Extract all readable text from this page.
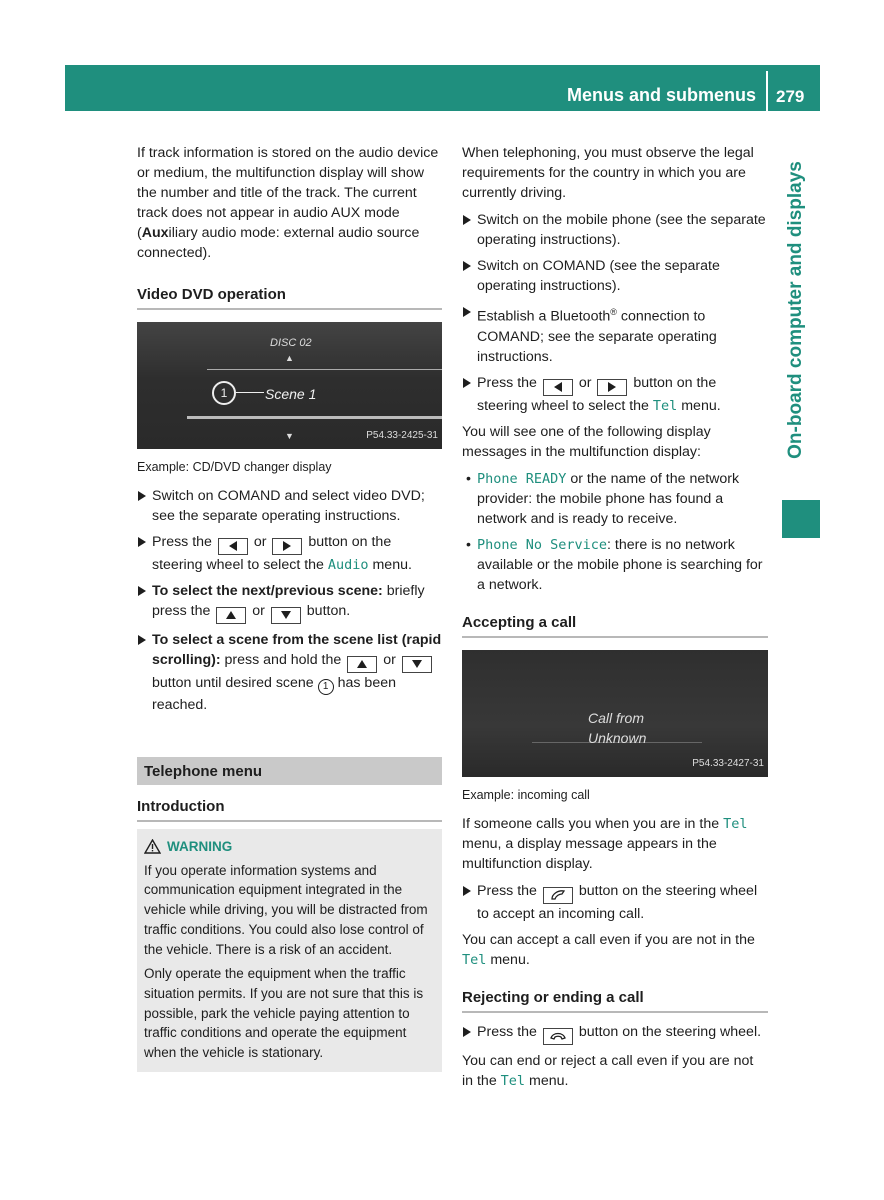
Menus and submenus 279
On-board computer and displays

If track information is stored on the audio device or medium, the multifunction display will show the number and title of the track. The current track does not appear in audio AUX mode (Auxiliary audio mode: external audio source connected).

Video DVD operation
DISC 02
▲
1	Scene 1
▼	P54.33-2425-31
Example: CD/DVD changer display
Switch on COMAND and select video DVD; see the separate operating instructions.
Press the	or	button on the steering wheel to select the Audio menu.
To select the next/previous scene: briefly press the	or	button.
To select a scene from the scene list (rapid scrolling): press and hold the	or  button until desired scene 1 has been reached.
Telephone menu
Introduction
WARNING

If you operate information systems and communication equipment integrated in the vehicle while driving, you will be distracted from traffic conditions. You could also lose control of the vehicle. There is a risk of an accident.

Only operate the equipment when the traffic situation permits. If you are not sure that this is possible, park the vehicle paying attention to traffic conditions and operate the equipment when the vehicle is stationary.

When telephoning, you must observe the legal requirements for the country in which you are currently driving.

Switch on the mobile phone (see the separate operating instructions).
Switch on COMAND (see the separate operating instructions).
Establish a Bluetooth® connection to COMAND; see the separate operating instructions.
Press the	or	button on the steering wheel to select the Tel menu.

You will see one of the following display messages in the multifunction display:

• Phone READY or the name of the network provider: the mobile phone has found a network and is ready to receive.
• Phone No Service: there is no network available or the mobile phone is searching for a network.
Accepting a call
Call from
Unknown
P54.33-2427-31
Example: incoming call

If someone calls you when you are in the Tel menu, a display message appears in the multifunction display.

Press the	button on the steering wheel to accept an incoming call.

You can accept a call even if you are not in the Tel menu.

Rejecting or ending a call
Press the	button on the steering wheel.

You can end or reject a call even if you are not in the Tel menu.
